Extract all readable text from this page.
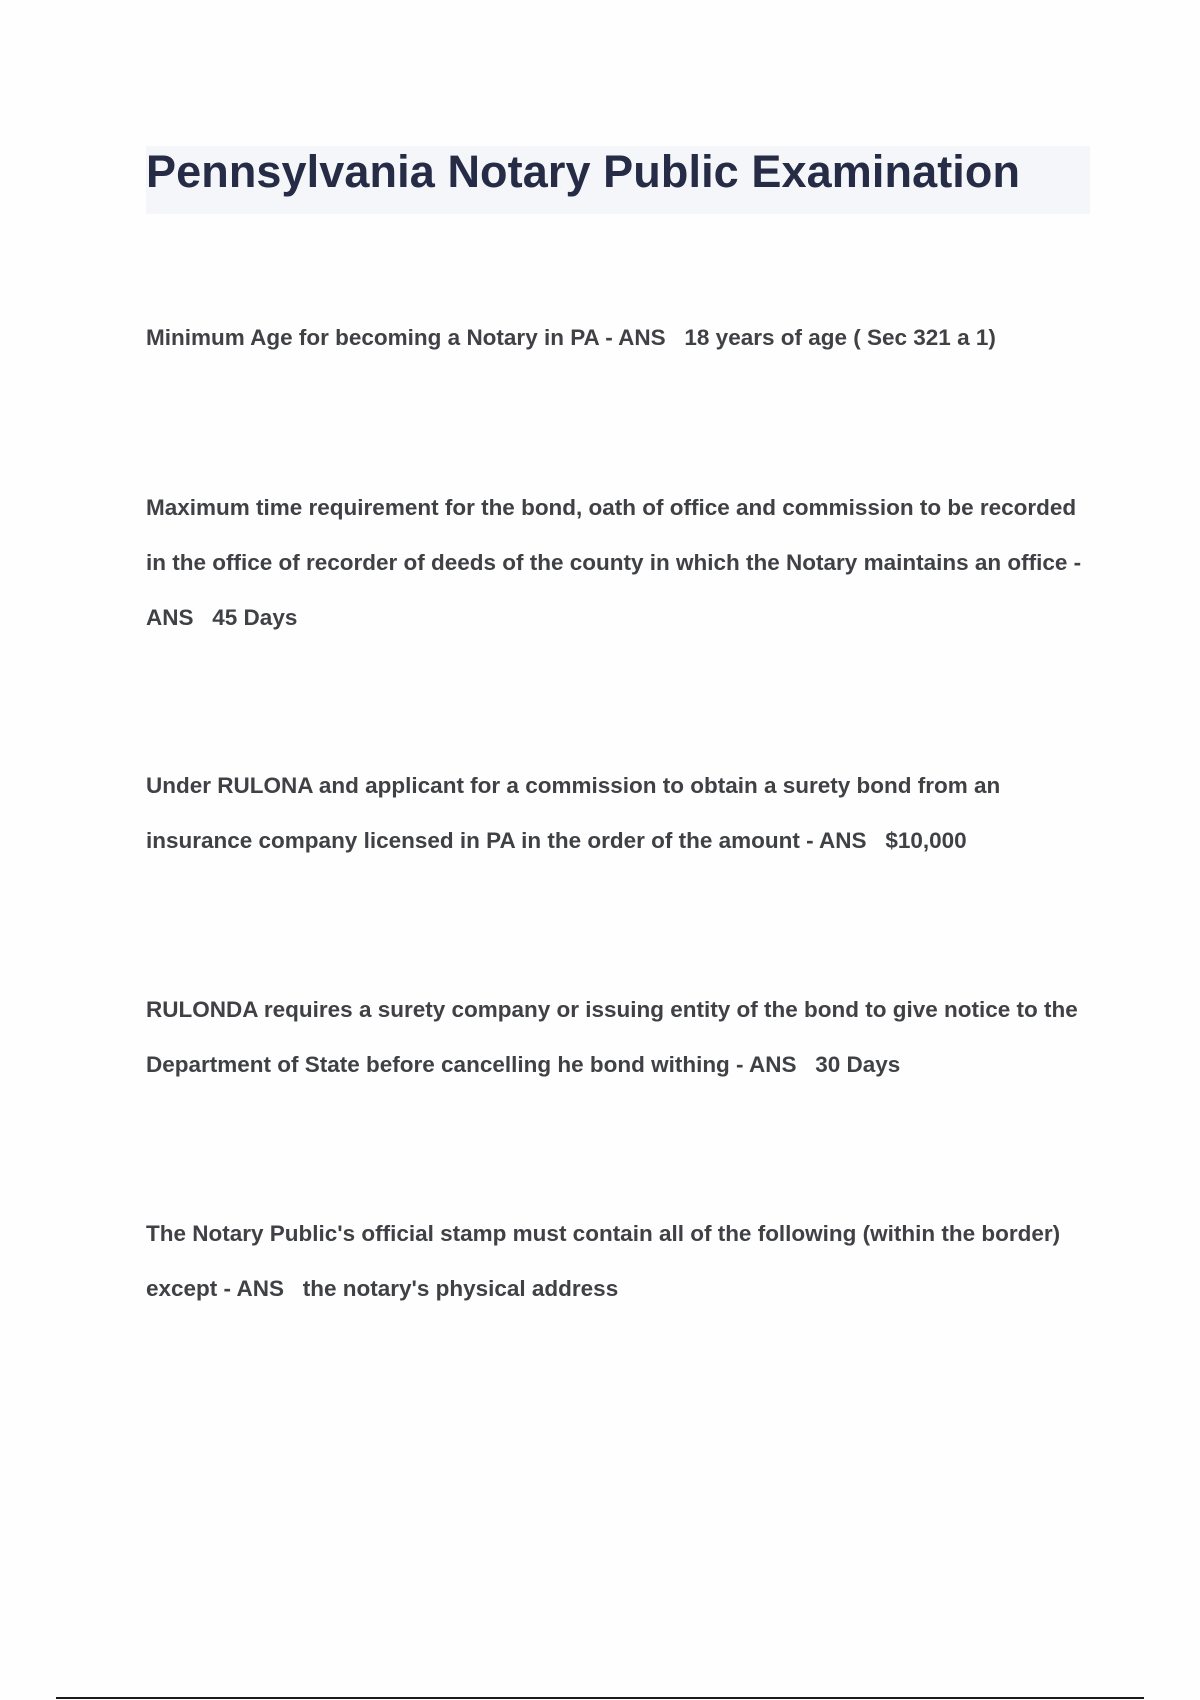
Pennsylvania Notary Public Examination

Minimum Age for becoming a Notary in PA - ANS 18 years of age ( Sec 321 a 1)

Maximum time requirement for the bond, oath of office and commission to be recorded in the office of recorder of deeds of the county in which the Notary maintains an office - ANS 45 Days

Under RULONA and applicant for a commission to obtain a surety bond from an insurance company licensed in PA in the order of the amount - ANS $10,000

RULONDA requires a surety company or issuing entity of the bond to give notice to the Department of State before cancelling he bond withing - ANS 30 Days

The Notary Public's official stamp must contain all of the following (within the border) except - ANS the notary's physical address
